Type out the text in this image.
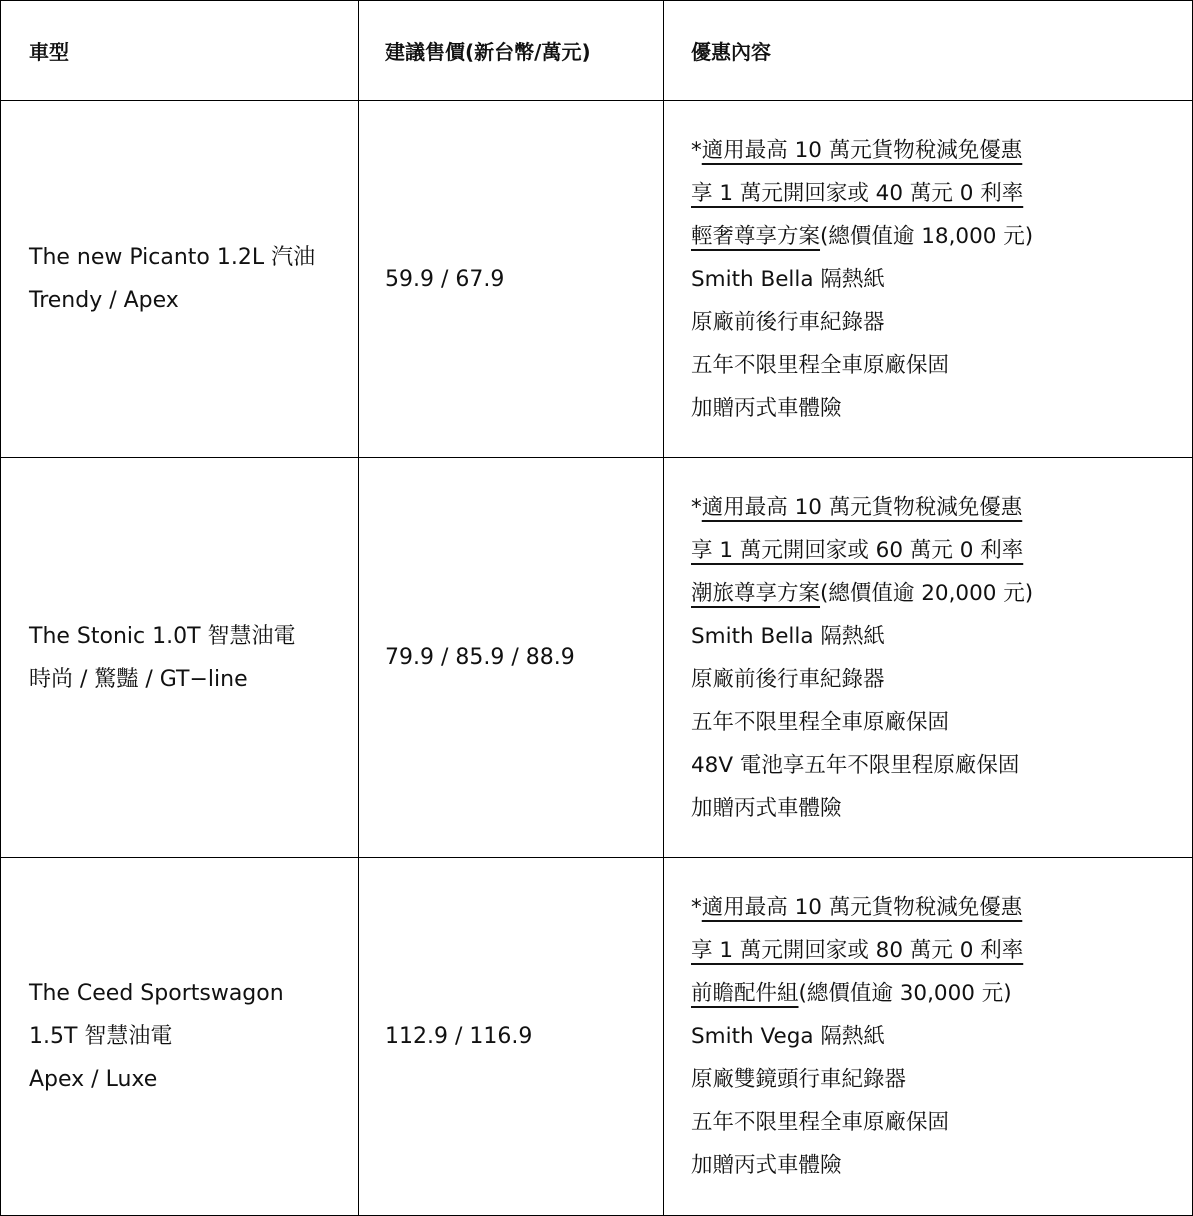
車型	建議售價(新台幣/萬元)	優惠內容
The new Picanto 1.2L 汽油
Trendy / Apex
59.9 / 67.9
*適用最高 10 萬元貨物稅減免優惠
享 1 萬元開回家或 40 萬元 0 利率
輕奢尊享方案(總價值逾 18,000 元)
Smith Bella 隔熱紙
原廠前後行車紀錄器
五年不限里程全車原廠保固
加贈丙式車體險
The Stonic 1.0T 智慧油電
時尚 / 驚豔 / GT−line
79.9 / 85.9 / 88.9
*適用最高 10 萬元貨物稅減免優惠
享 1 萬元開回家或 60 萬元 0 利率
潮旅尊享方案(總價值逾 20,000 元)
Smith Bella 隔熱紙
原廠前後行車紀錄器
五年不限里程全車原廠保固
48V 電池享五年不限里程原廠保固
加贈丙式車體險
The Ceed Sportswagon
1.5T 智慧油電
Apex / Luxe
112.9 / 116.9
*適用最高 10 萬元貨物稅減免優惠
享 1 萬元開回家或 80 萬元 0 利率
前瞻配件組(總價值逾 30,000 元)
Smith Vega 隔熱紙
原廠雙鏡頭行車紀錄器
五年不限里程全車原廠保固
加贈丙式車體險
